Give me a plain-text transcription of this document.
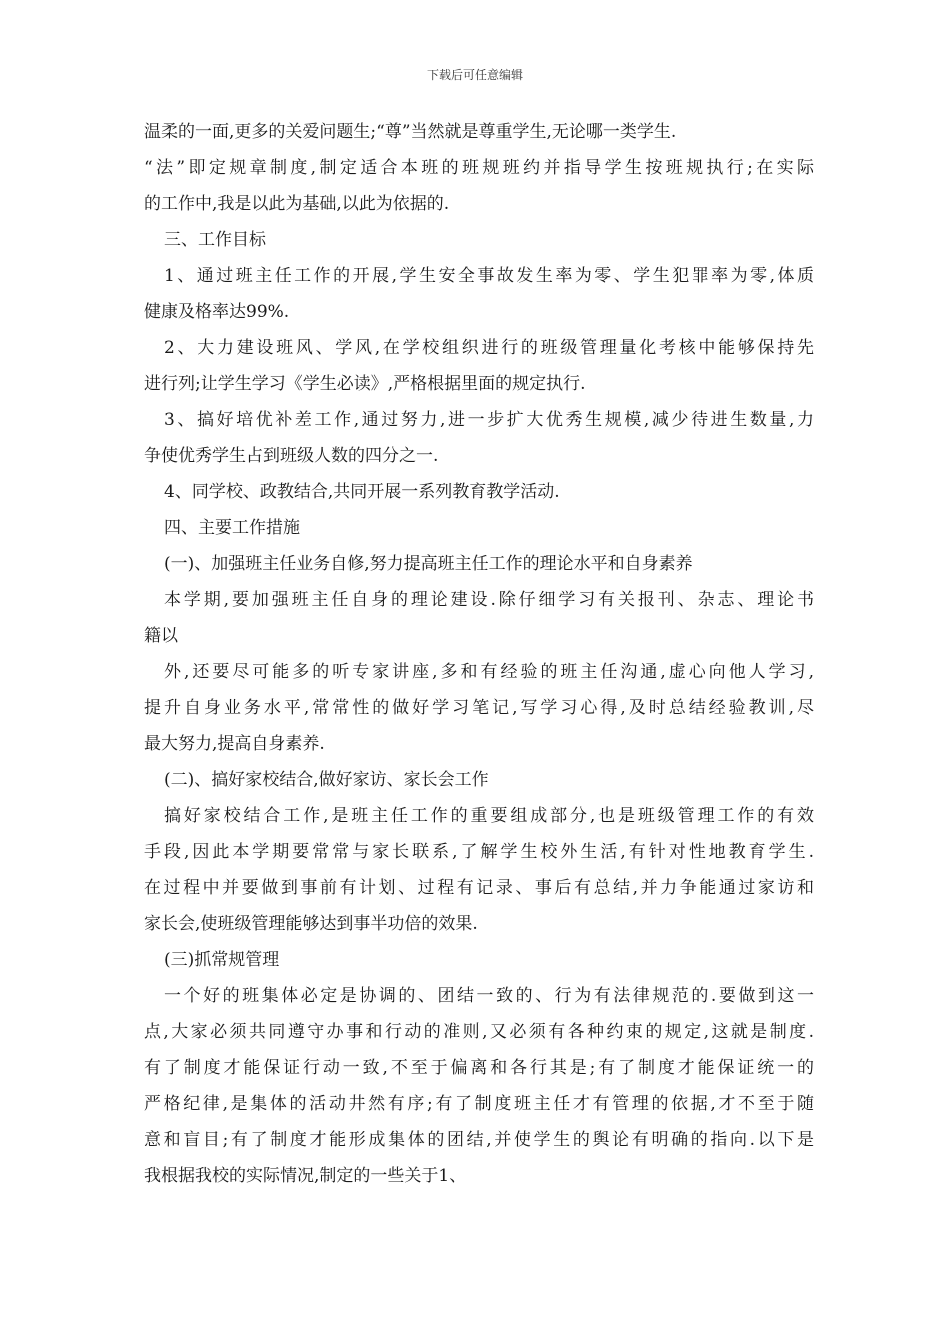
下载后可任意编辑
温柔的一面,更多的关爱问题生;“尊”当然就是尊重学生,无论哪一类学生.
“法”即定规章制度,制定适合本班的班规班约并指导学生按班规执行;在实际
的工作中,我是以此为基础,以此为依据的.
三、工作目标
1、通过班主任工作的开展,学生安全事故发生率为零、学生犯罪率为零,体质
健康及格率达99%.
2、大力建设班风、学风,在学校组织进行的班级管理量化考核中能够保持先
进行列;让学生学习《学生必读》,严格根据里面的规定执行.
3、搞好培优补差工作,通过努力,进一步扩大优秀生规模,减少待进生数量,力
争使优秀学生占到班级人数的四分之一.
4、同学校、政教结合,共同开展一系列教育教学活动.
四、主要工作措施
(一)、加强班主任业务自修,努力提高班主任工作的理论水平和自身素养
本学期,要加强班主任自身的理论建设.除仔细学习有关报刊、杂志、理论书
籍以
外,还要尽可能多的听专家讲座,多和有经验的班主任沟通,虚心向他人学习,
提升自身业务水平,常常性的做好学习笔记,写学习心得,及时总结经验教训,尽
最大努力,提高自身素养.
(二)、搞好家校结合,做好家访、家长会工作
搞好家校结合工作,是班主任工作的重要组成部分,也是班级管理工作的有效
手段,因此本学期要常常与家长联系,了解学生校外生活,有针对性地教育学生.
在过程中并要做到事前有计划、过程有记录、事后有总结,并力争能通过家访和
家长会,使班级管理能够达到事半功倍的效果.
(三)抓常规管理
一个好的班集体必定是协调的、团结一致的、行为有法律规范的.要做到这一
点,大家必须共同遵守办事和行动的准则,又必须有各种约束的规定,这就是制度.
有了制度才能保证行动一致,不至于偏离和各行其是;有了制度才能保证统一的
严格纪律,是集体的活动井然有序;有了制度班主任才有管理的依据,才不至于随
意和盲目;有了制度才能形成集体的团结,并使学生的舆论有明确的指向.以下是
我根据我校的实际情况,制定的一些关于1、
